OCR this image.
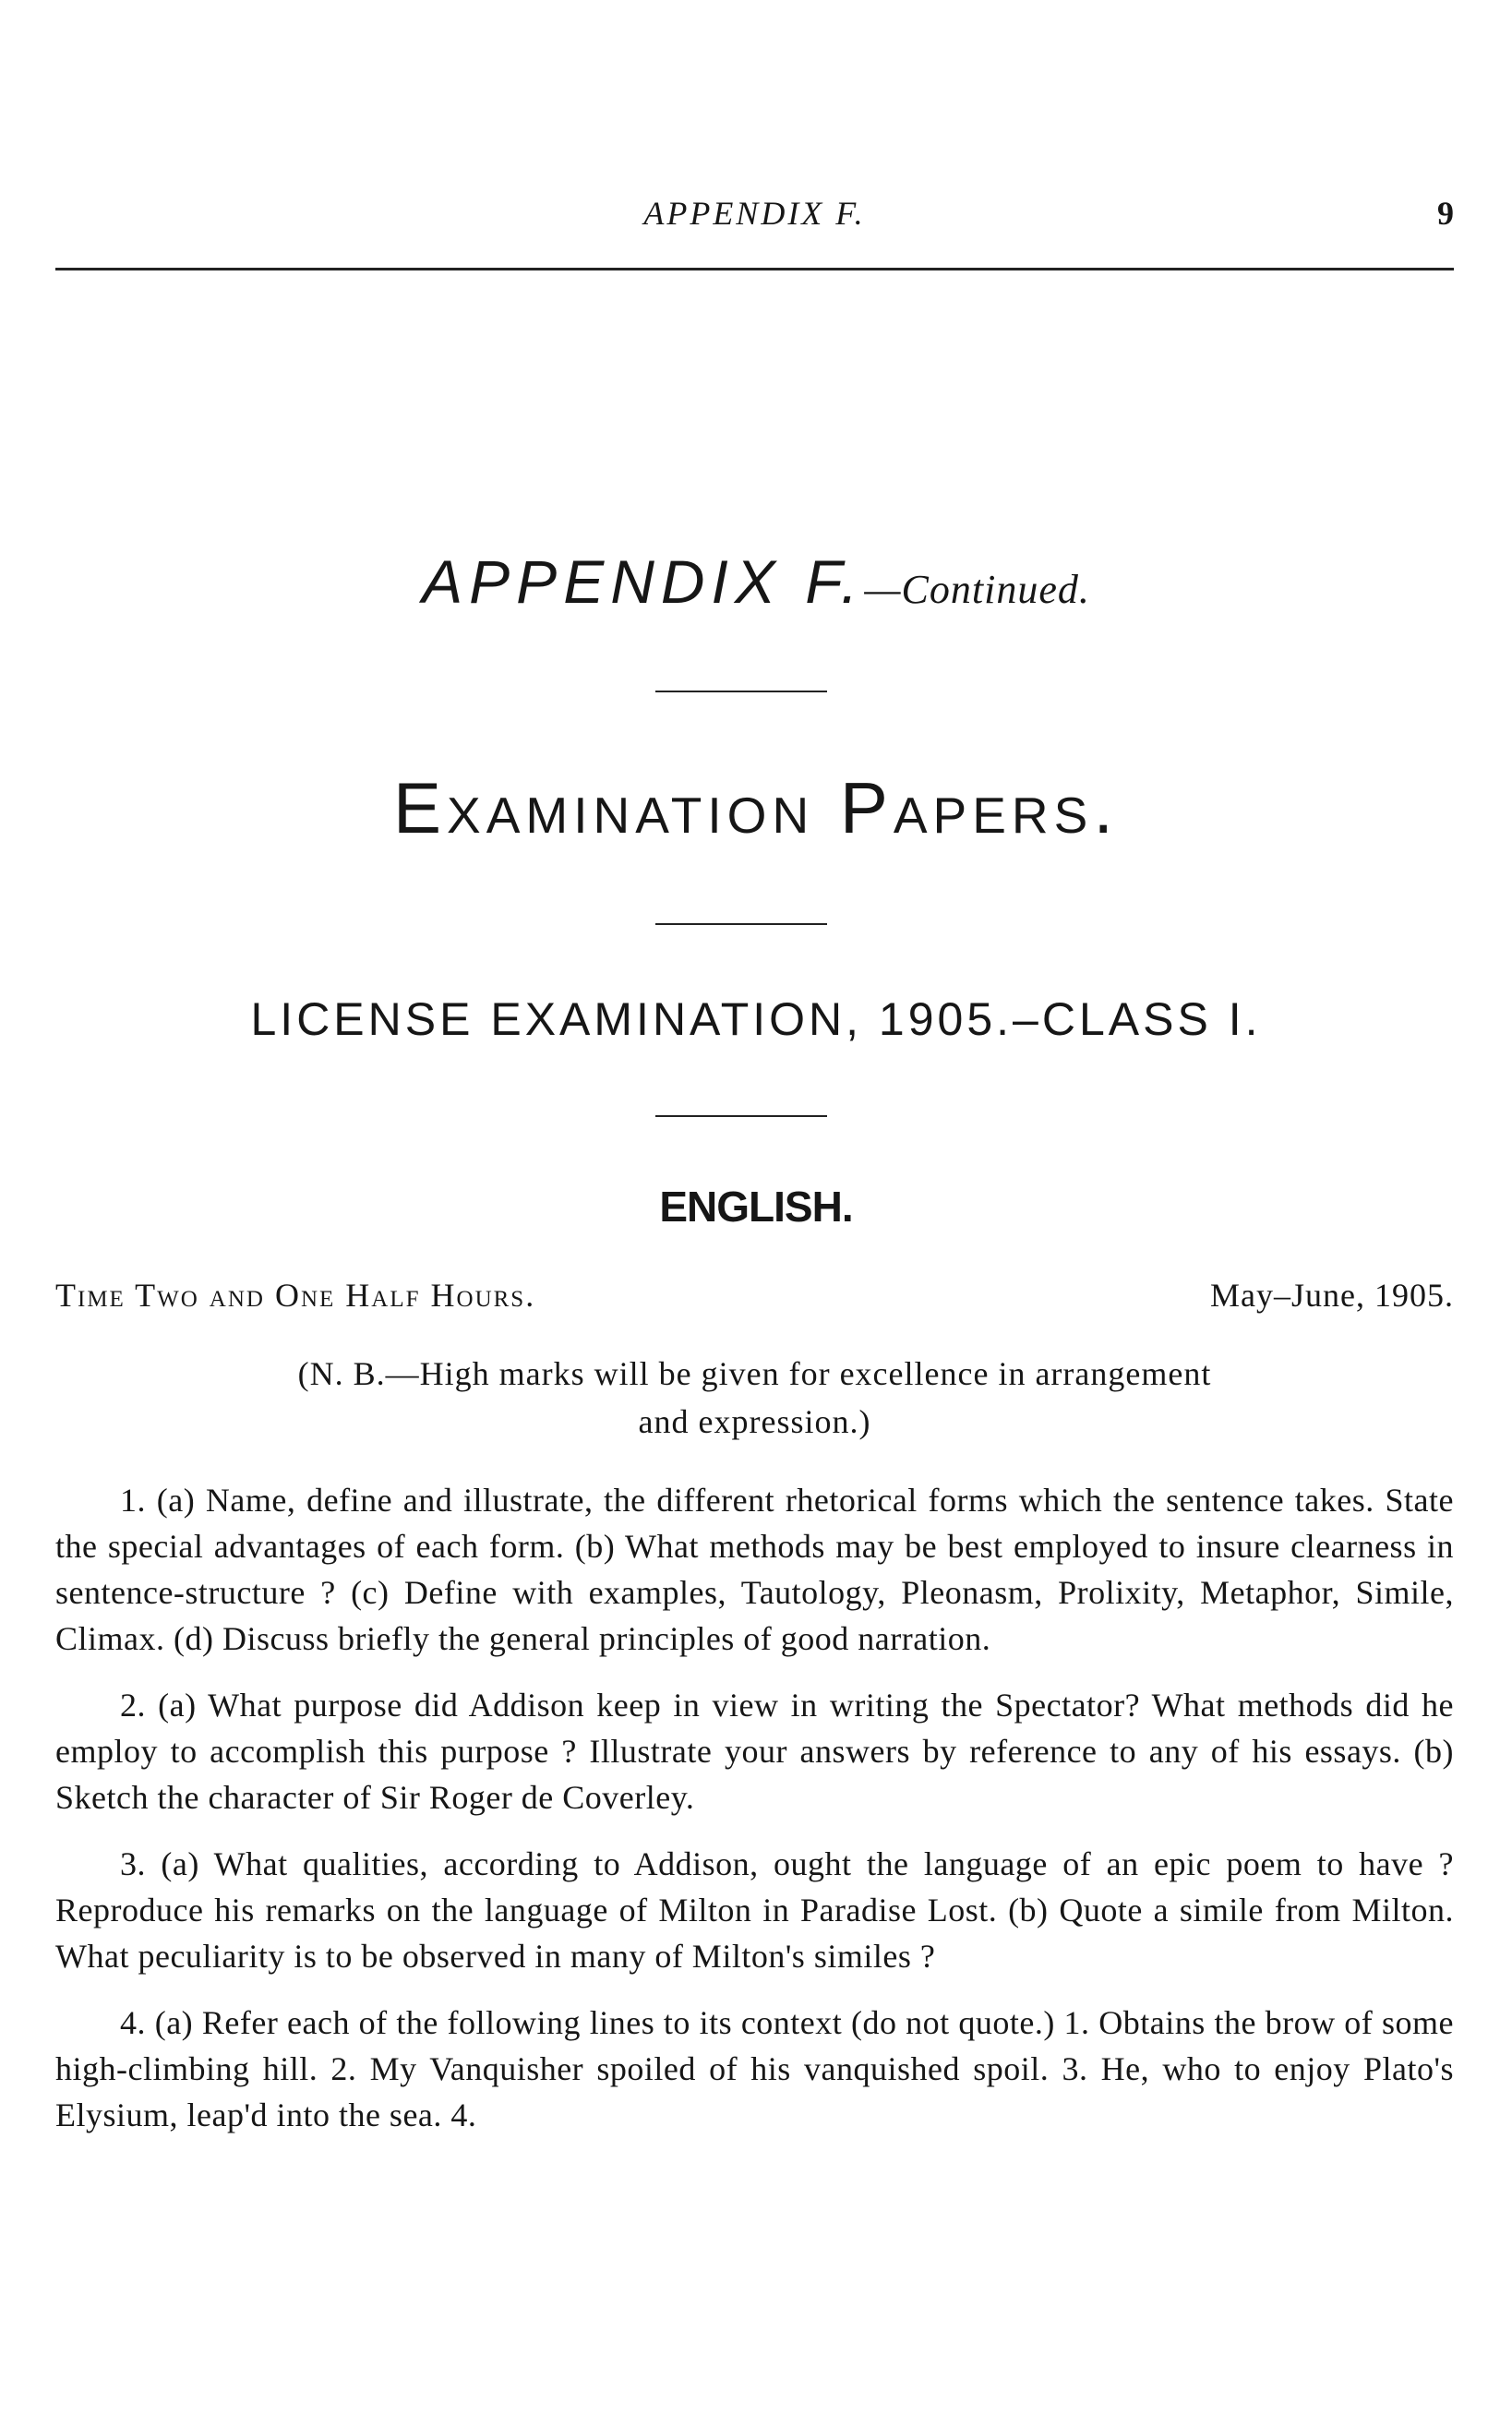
APPENDIX F.	9
APPENDIX F.—Continued.
Examination Papers.
LICENSE EXAMINATION, 1905.–CLASS I.
ENGLISH.
Time Two and One Half Hours.	May–June, 1905.
(N. B.—High marks will be given for excellence in arrangement and expression.)

1. (a) Name, define and illustrate, the different rhetorical forms which the sentence takes. State the special advantages of each form. (b) What methods may be best employed to insure clearness in sentence-structure ? (c) Define with examples, Tautology, Pleonasm, Prolixity, Metaphor, Simile, Climax. (d) Discuss briefly the general principles of good narration.

2. (a) What purpose did Addison keep in view in writing the Spectator? What methods did he employ to accomplish this purpose ? Illustrate your answers by reference to any of his essays. (b) Sketch the character of Sir Roger de Coverley.

3. (a) What qualities, according to Addison, ought the language of an epic poem to have ? Reproduce his remarks on the language of Milton in Paradise Lost. (b) Quote a simile from Milton. What peculiarity is to be observed in many of Milton's similes ?

4. (a) Refer each of the following lines to its context (do not quote.) 1. Obtains the brow of some high-climbing hill. 2. My Vanquisher spoiled of his vanquished spoil. 3. He, who to enjoy Plato's Elysium, leap'd into the sea. 4.
